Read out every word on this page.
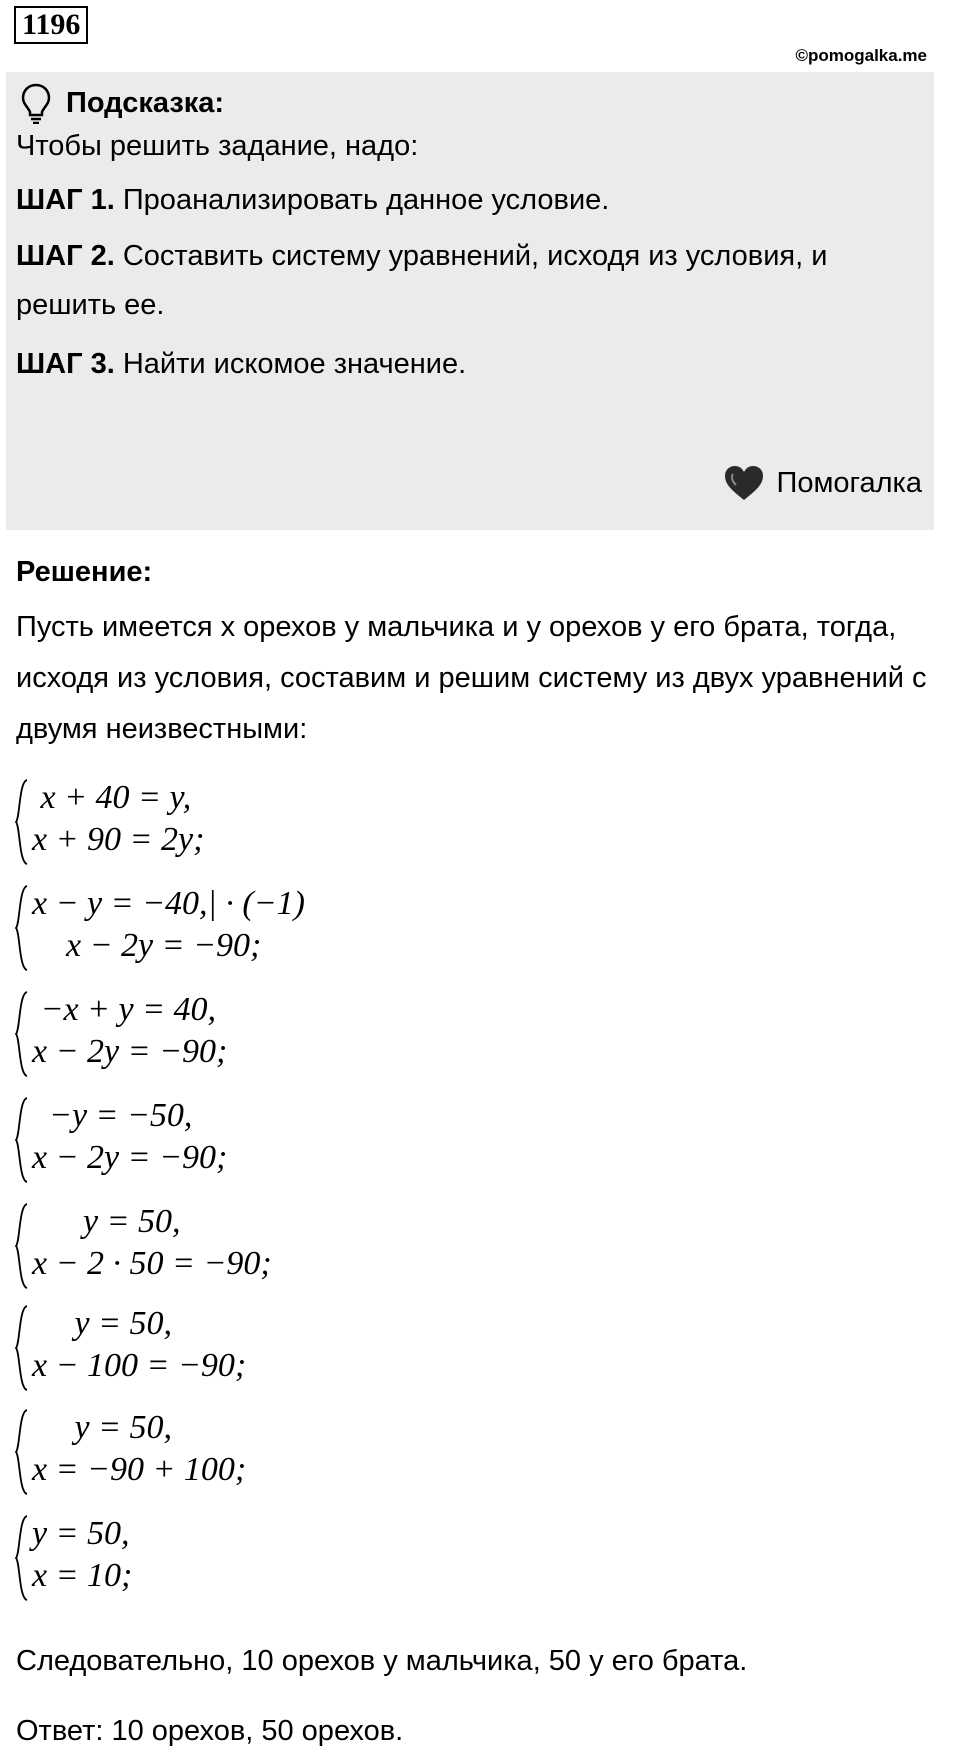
1196
©pomogalka.me
Подсказка:

Чтобы решить задание, надо:

ШАГ 1. Проанализировать данное условие.

ШАГ 2. Составить систему уравнений, исходя из условия, и решить ее.

ШАГ 3. Найти искомое значение.

Помогалка
Решение:

Пусть имеется х орехов у мальчика и у орехов у его брата, тогда, исходя из условия, составим и решим систему из двух уравнений с двумя неизвестными:

x + 40 = y,
x + 90 = 2y;
x − y = −40,| · (−1)
x − 2y = −90;
−x + y = 40,
x − 2y = −90;
−y = −50,
x − 2y = −90;
y = 50,
x − 2 · 50 = −90;
y = 50,
x − 100 = −90;
y = 50,
x = −90 + 100;
y = 50,
x = 10;

Следовательно, 10 орехов у мальчика, 50 у его брата.

Ответ: 10 орехов, 50 орехов.
